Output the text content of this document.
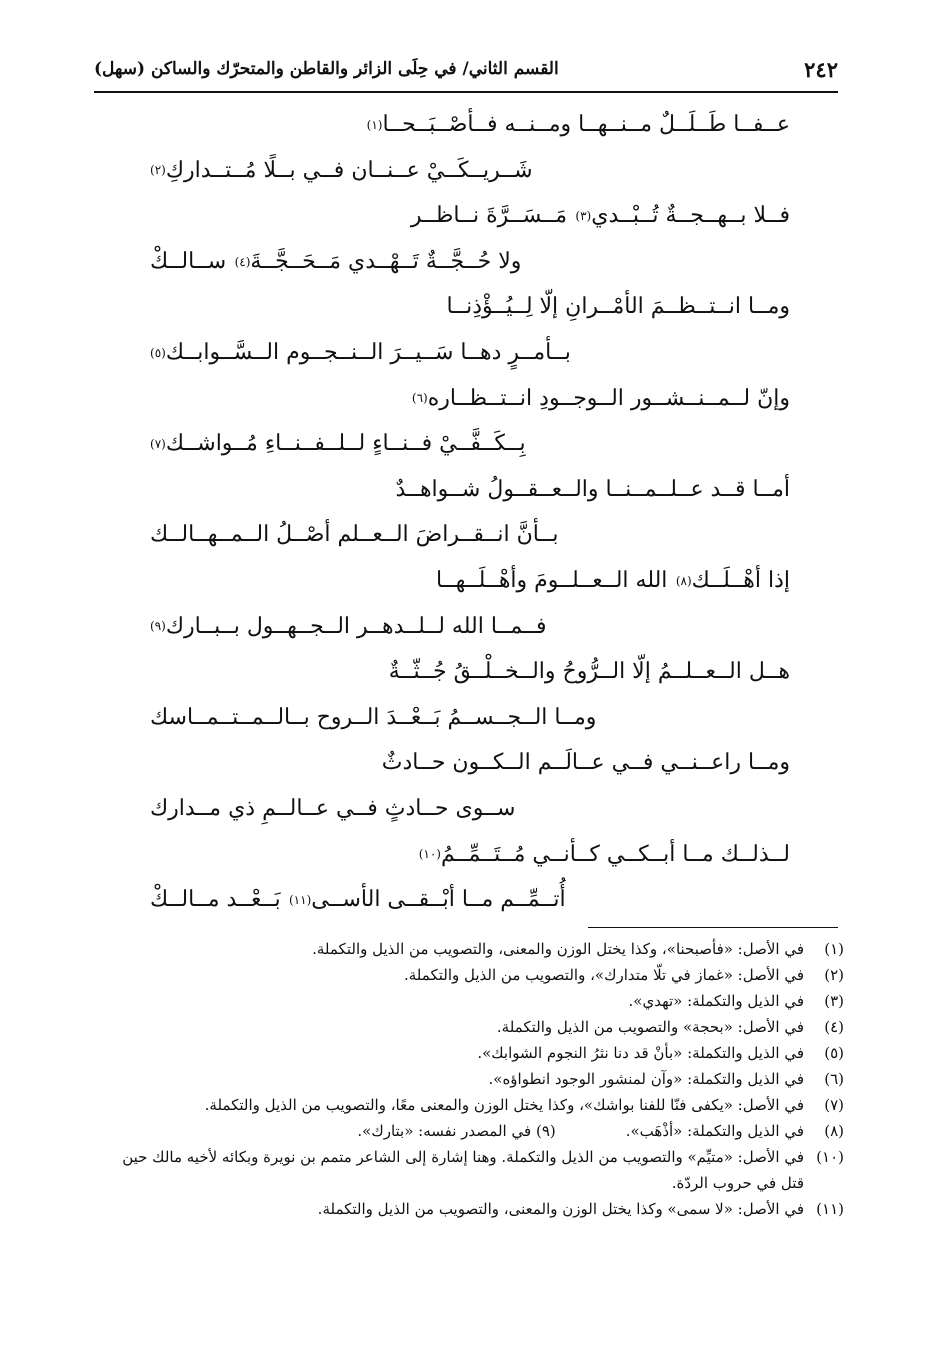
٢٤٢
القسم الثاني/ في حِلَى الزائر والقاطن والمتحرّك والساكن (سهل)
عــفــا طَــلَــلٌ مــنــهــا ومــنــه فــأصْــبَــحــا
(١)
شَــريــكَــيْ عــنــان فــي بــلًا مُــتــداركِ
(٢)
فــلا بــهــجــةٌ تُــبْــدي
(٣)

مَــسَــرَّةَ نــاظــر
ولا حُــجَّــةٌ تَــهْــدي مَــحَــجَّــةَ
(٤)

ســالــكْ
ومــا انــتــظــمَ الأمْــرانِ إلّا لِــيُــؤْذِنــا
بــأمــرٍ دهــا سَــيــرَ الــنــجــوم الــسَّــوابــك
(٥)
وإنّ لــمــنــشــور الــوجــودِ انــتــظــاره
(٦)
بِــكَــفَّــيْ فــنــاءٍ لــلــفــنــاءِ مُــواشــك
(٧)
أمــا قــد عــلــمــنــا والــعــقــولُ شــواهــدٌ
بــأنَّ انــقــراضَ الــعــلم أصْــلُ الــمــهــالــك
إذا أهْــلَــك
(٨)

الله الــعــلــومَ وأهْــلَــهــا
فــمــا الله لــلــدهــر الــجــهــول بــبــارك
(٩)
هــل الــعــلــمُ إلّا الــرُّوحُ والــخــلْــقُ جُــثّــةٌ
ومــا الــجــســمُ بَــعْــدَ الــروح بــالــمــتــمــاسك
ومــا راعــنــي فــي عــالَــم الــكــون حــادثٌ
ســوى حــادثٍ فــي عــالــمِ ذي مــدارك
لــذلــك مــا أبــكــي كــأنــي مُــتَــمِّــمُ
(١٠)
أُتــمِّــم مــا أبْــقــى الأســى
(١١)

بَــعْــد مــالــكْ
(١)
في الأصل: «فأصبحنا»، وكذا يختل الوزن والمعنى، والتصويب من الذيل والتكملة.
(٢)
في الأصل: «غماز في تلّا متدارك»، والتصويب من الذيل والتكملة.
(٣)
في الذيل والتكملة: «تهدي».
(٤)
في الأصل: «بحجة» والتصويب من الذيل والتكملة.
(٥)
في الذيل والتكملة: «بأنْ قد دنا نثرُ النجوم الشوابك».
(٦)
في الذيل والتكملة: «وآن لمنشور الوجود انطواؤه».
(٧)
في الأصل: «يكفى فنّا للفنا بواشك»، وكذا يختل الوزن والمعنى معًا، والتصويب من الذيل والتكملة.
(٨)
في الذيل والتكملة: «أذْهَب».
(٩)

في المصدر نفسه: «بتارك».
(١٠)
في الأصل: «متيِّم» والتصويب من الذيل والتكملة. وهنا إشارة إلى الشاعر متمم بن نويرة وبكائه لأخيه مالك حين قتل في حروب الردّة.
(١١)
في الأصل: «لا سمى» وكذا يختل الوزن والمعنى، والتصويب من الذيل والتكملة.
